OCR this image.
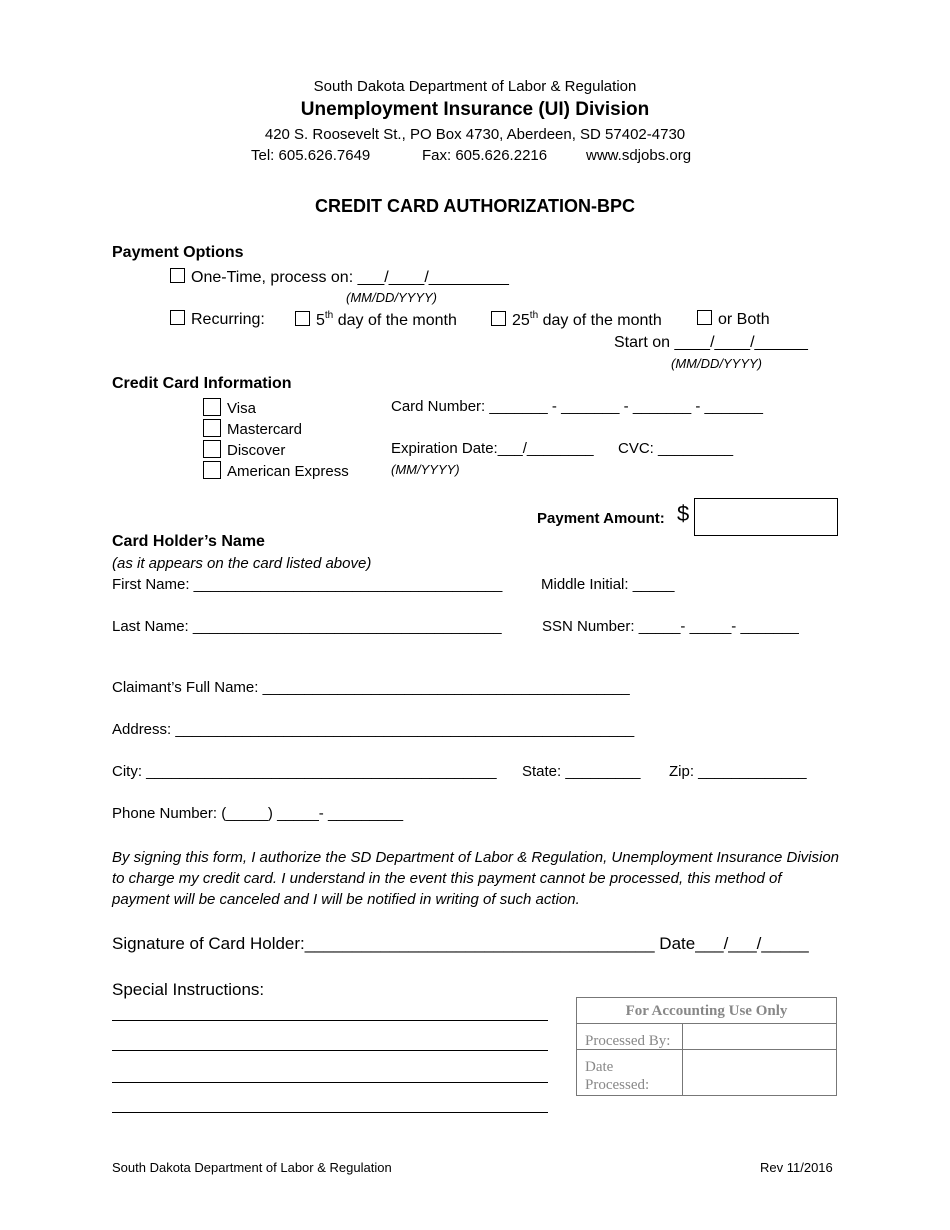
South Dakota Department of Labor & Regulation
Unemployment Insurance (UI) Division
420 S. Roosevelt St., PO Box 4730, Aberdeen, SD 57402-4730
Tel: 605.626.7649	Fax: 605.626.2216	www.sdjobs.org
CREDIT CARD AUTHORIZATION-BPC
Payment Options
One-Time, process on: ___/____/_________
(MM/DD/YYYY)
Recurring:	5th day of the month	25th day of the month	or Both
Start on ____/____/______
(MM/DD/YYYY)
Credit Card Information
Visa
Mastercard
Discover
American Express
Card Number: _______ - _______ - _______ - _______
Expiration Date:___/________ CVC: _________
(MM/YYYY)
Payment Amount: $
Card Holder’s Name
(as it appears on the card listed above)
First Name: _____________________________________	Middle Initial: _____
Last Name: _____________________________________	SSN Number: _____- _____- _______
Claimant’s Full Name: ____________________________________________
Address: _______________________________________________________
City: __________________________________________ State: _________ Zip: _____________
Phone Number: (_____) _____- _________
By signing this form, I authorize the SD Department of Labor & Regulation, Unemployment Insurance Division
to charge my credit card. I understand in the event this payment cannot be processed, this method of
payment will be canceled and I will be notified in writing of such action.
Signature of Card Holder:_____________________________________ Date___/___/_____
Special Instructions:
For Accounting Use Only
Processed By:
Date
Processed:
South Dakota Department of Labor & Regulation	Rev 11/2016
